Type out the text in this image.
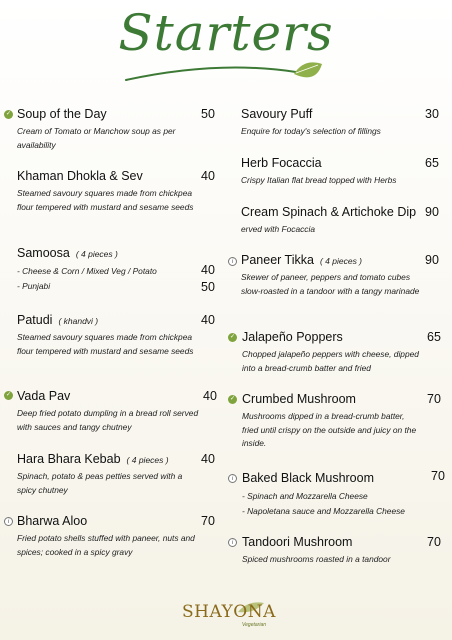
Starters
✓ Soup of the Day
Cream of Tomato or Manchow soup as per availability
50
Khaman Dhokla & Sev
Steamed savoury squares made from chickpea flour tempered with mustard and sesame seeds
40
Samoosa ( 4 pieces )
- Cheese & Corn / Mixed Veg / Potato
- Punjabi
40
50
Patudi ( khandvi )
Steamed savoury squares made from chickpea flour tempered with mustard and sesame seeds
40
✓ Vada Pav
Deep fried potato dumpling in a bread roll served with sauces and tangy chutney
40
Hara Bhara Kebab ( 4 pieces )
Spinach, potato & peas petties served with a spicy chutney
40
i Bharwa Aloo
Fried potato shells stuffed with paneer, nuts and spices; cooked in a spicy gravy
70
Savoury Puff
Enquire for today's selection of fillings
30
Herb Focaccia
Crispy Italian flat bread topped with Herbs
65
Cream Spinach & Artichoke Dip
erved with Focaccia
90
i Paneer Tikka ( 4 pieces )
Skewer of paneer, peppers and tomato cubes slow-roasted in a tandoor with a tangy marinade
90
✓ Jalapeño Poppers
Chopped jalapeño peppers with cheese, dipped into a bread-crumb batter and fried
65
✓ Crumbed Mushroom
Mushrooms dipped in a bread-crumb batter, fried until crispy on the outside and juicy on the inside.
70
i Baked Black Mushroom
- Spinach and Mozzarella Cheese
- Napoletana sauce and Mozzarella Cheese
70
i Tandoori Mushroom
Spiced mushrooms roasted in a tandoor
70
SHAYONA
Vegetarian
